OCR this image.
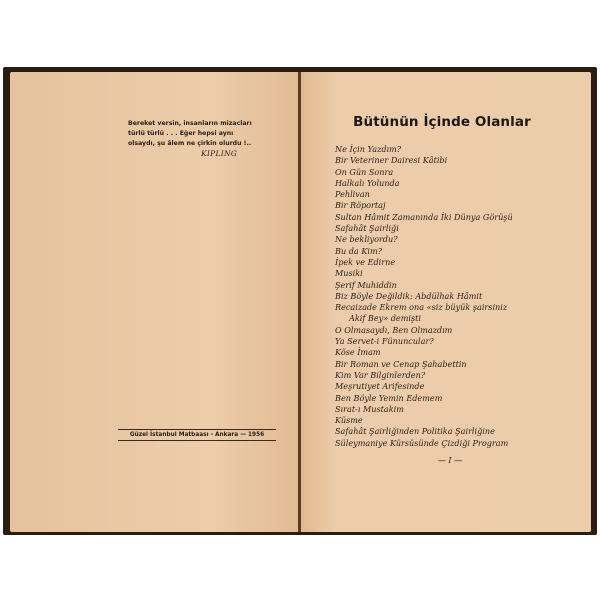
Bereket versin, insanların mizacları
türlü türlü . . . Eğer hepsi aynı
olsaydı, şu âlem ne çirkin olurdu !..
KIPLING
Güzel İstanbul Matbaası - Ankara — 1956
Bütünün İçinde Olanlar
Ne İçin Yazdım?
Bir Veteriner Dairesi Kâtibi
On Gün Sonra
Halkalı Yolunda
Pehlivan
Bir Röportaj
Sultan Hâmit Zamanında İki Dünya Görüşü
Safahât Şairliği
Ne bekliyordu?
Bu da Kim?
İpek ve Edirne
Musiki
Şerif Muhiddin
Biz Böyle Değildik: Abdülhak Hâmit
Recaizade Ekrem ona «siz büyük şairsiniz
Akif Bey» demişti
O Olmasaydı, Ben Olmazdım
Ya Servet-i Fünuncular?
Köse İmam
Bir Roman ve Cenap Şahabettin
Kim Var Bilginlerden?
Meşrutiyet Arifesinde
Ben Böyle Yemin Edemem
Sırat-ı Mustakim
Küsme
Safahât Şairliğinden Politika Şairliğine
Süleymaniye Kürsüsünde Çizdiği Program
— I —
